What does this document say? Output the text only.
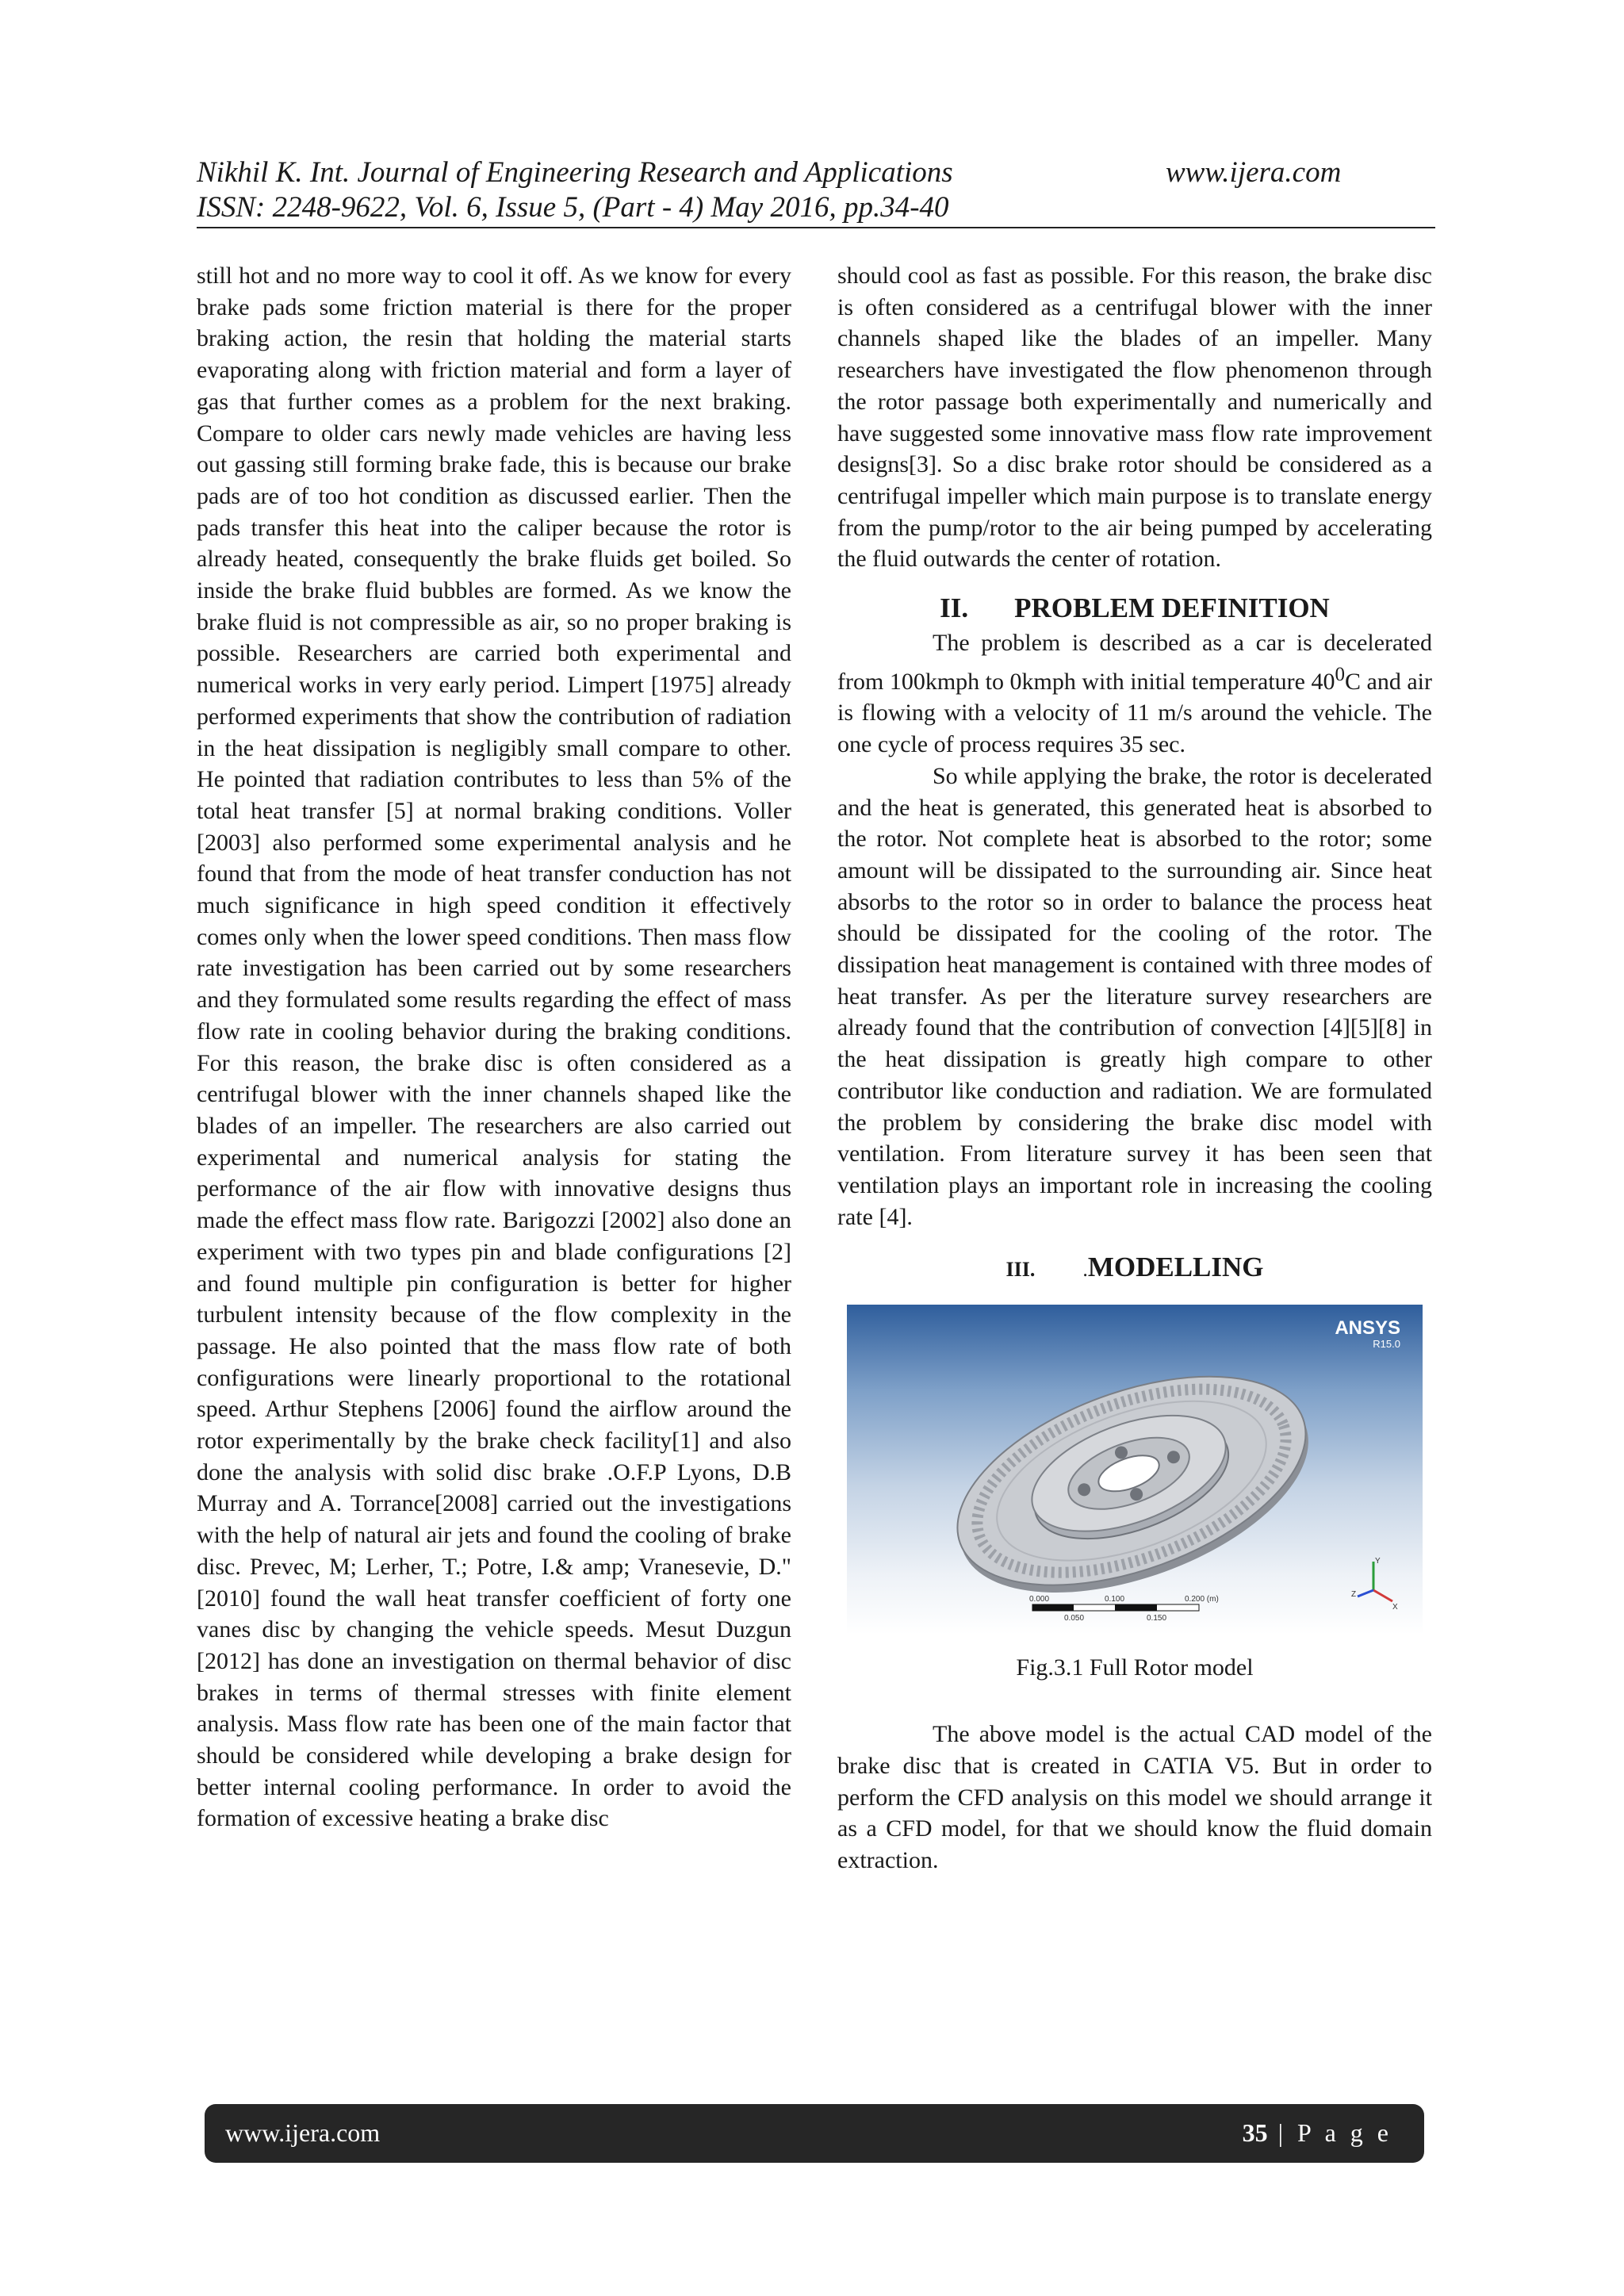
Nikhil K. Int. Journal of Engineering Research and Applications	www.ijera.com
ISSN: 2248-9622, Vol. 6, Issue 5, (Part - 4) May 2016, pp.34-40

still hot and no more way to cool it off. As we know for every brake pads some friction material is there for the proper braking action, the resin that holding the material starts evaporating along with friction material and form a layer of gas that further comes as a problem for the next braking. Compare to older cars newly made vehicles are having less out gassing still forming brake fade, this is because our brake pads are of too hot condition as discussed earlier. Then the pads transfer this heat into the caliper because the rotor is already heated, consequently the brake fluids get boiled. So inside the brake fluid bubbles are formed. As we know the brake fluid is not compressible as air, so no proper braking is possible. Researchers are carried both experimental and numerical works in very early period. Limpert [1975] already performed experiments that show the contribution of radiation in the heat dissipation is negligibly small compare to other. He pointed that radiation contributes to less than 5% of the total heat transfer [5] at normal braking conditions. Voller [2003] also performed some experimental analysis and he found that from the mode of heat transfer conduction has not much significance in high speed condition it effectively comes only when the lower speed conditions. Then mass flow rate investigation has been carried out by some researchers and they formulated some results regarding the effect of mass flow rate in cooling behavior during the braking conditions. For this reason, the brake disc is often considered as a centrifugal blower with the inner channels shaped like the blades of an impeller. The researchers are also carried out experimental and numerical analysis for stating the performance of the air flow with innovative designs thus made the effect mass flow rate. Barigozzi [2002] also done an experiment with two types pin and blade configurations [2] and found multiple pin configuration is better for higher turbulent intensity because of the flow complexity in the passage. He also pointed that the mass flow rate of both configurations were linearly proportional to the rotational speed. Arthur Stephens [2006] found the airflow around the rotor experimentally by the brake check facility[1] and also done the analysis with solid disc brake .O.F.P Lyons, D.B Murray and A. Torrance[2008] carried out the investigations with the help of natural air jets and found the cooling of brake disc. Prevec, M; Lerher, T.; Potre, I.& amp; Vranesevie, D."[2010] found the wall heat transfer coefficient of forty one vanes disc by changing the vehicle speeds. Mesut Duzgun [2012] has done an investigation on thermal behavior of disc brakes in terms of thermal stresses with finite element analysis. Mass flow rate has been one of the main factor that should be considered while developing a brake design for better internal cooling performance. In order to avoid the formation of excessive heating a brake disc

should cool as fast as possible. For this reason, the brake disc is often considered as a centrifugal blower with the inner channels shaped like the blades of an impeller. Many researchers have investigated the flow phenomenon through the rotor passage both experimentally and numerically and have suggested some innovative mass flow rate improvement designs[3]. So a disc brake rotor should be considered as a centrifugal impeller which main purpose is to translate energy from the pump/rotor to the air being pumped by accelerating the fluid outwards the center of rotation.

II. PROBLEM DEFINITION

The problem is described as a car is decelerated from 100kmph to 0kmph with initial temperature $40^0C$ and air is flowing with a velocity of 11 m/s around the vehicle. The one cycle of process requires 35 sec.

So while applying the brake, the rotor is decelerated and the heat is generated, this generated heat is absorbed to the rotor. Not complete heat is absorbed to the rotor; some amount will be dissipated to the surrounding air. Since heat absorbs to the rotor so in order to balance the process heat should be dissipated for the cooling of the rotor. The dissipation heat management is contained with three modes of heat transfer. As per the literature survey researchers are already found that the contribution of convection [4][5][8] in the heat dissipation is greatly high compare to other contributor like conduction and radiation. We are formulated the problem by considering the brake disc model with ventilation. From literature survey it has been seen that ventilation plays an important role in increasing the cooling rate [4].

III. .MODELLING
ANSYS
R15.0
0.000	0.100	0.200 (m)
0.050	0.150
Y
Z
X
Fig.3.1 Full Rotor model

The above model is the actual CAD model of the brake disc that is created in CATIA V5. But in order to perform the CFD analysis on this model we should arrange it as a CFD model, for that we should know the fluid domain extraction.

www.ijera.com	35 | P a g e
